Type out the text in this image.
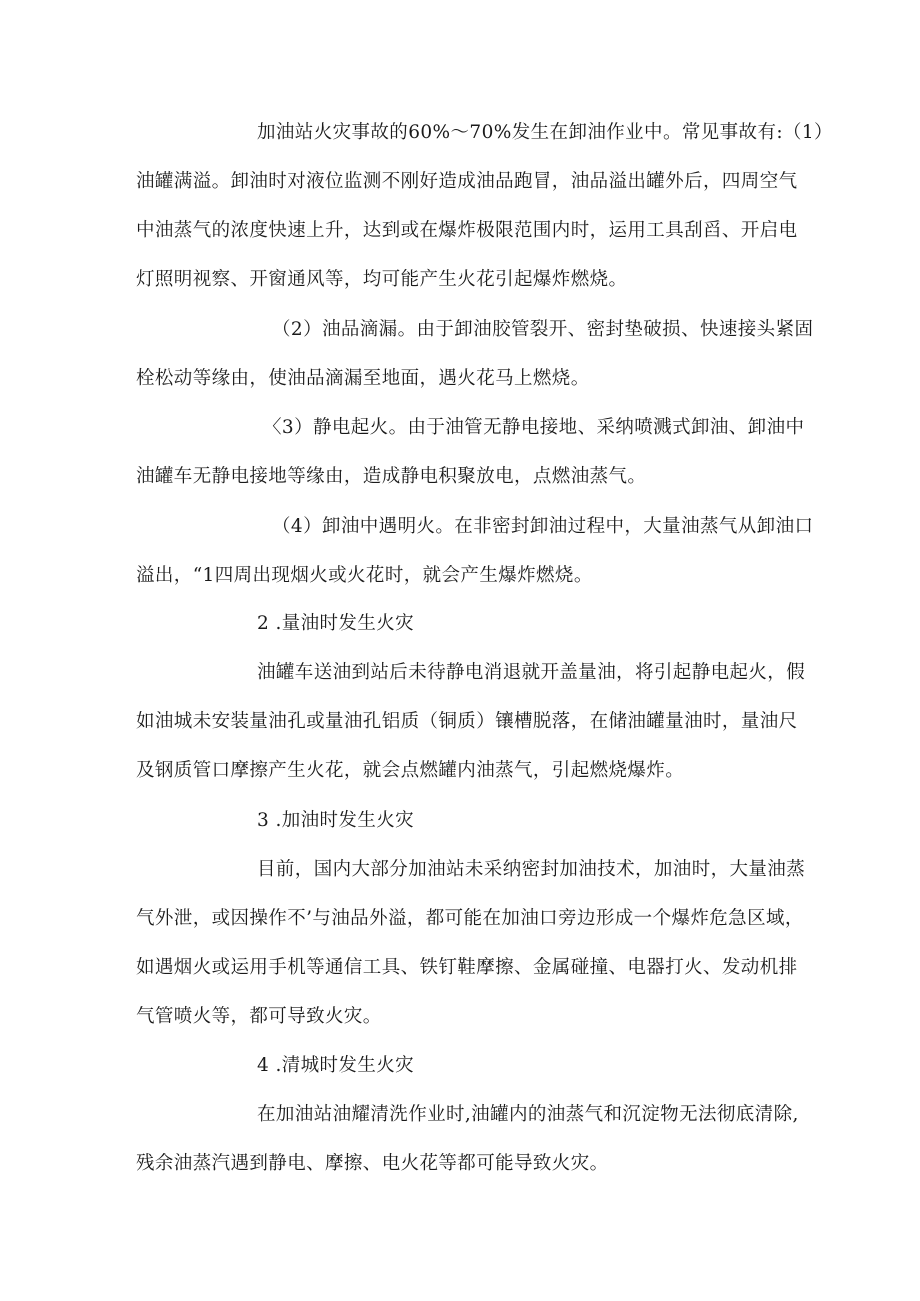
加油站火灾事故的60%～70%发生在卸油作业中。常见事故有:（1）
油罐满溢。卸油时对液位监测不刚好造成油品跑冒，油品溢出罐外后，四周空气
中油蒸气的浓度快速上升，达到或在爆炸极限范围内时，运用工具刮舀、开启电
灯照明视察、开窗通风等，均可能产生火花引起爆炸燃烧。
（2）油品滴漏。由于卸油胶管裂开、密封垫破损、快速接头紧固
栓松动等缘由，使油品滴漏至地面，遇火花马上燃烧。
〈3）静电起火。由于油管无静电接地、采纳喷溅式卸油、卸油中
油罐车无静电接地等缘由，造成静电积聚放电，点燃油蒸气。
（4）卸油中遇明火。在非密封卸油过程中，大量油蒸气从卸油口
溢出，“1四周出现烟火或火花时，就会产生爆炸燃烧。
2 .量油时发生火灾
油罐车送油到站后未待静电消退就开盖量油，将引起静电起火，假
如油城未安装量油孔或量油孔铝质（铜质）镶槽脱落，在储油罐量油时，量油尺
及钢质管口摩擦产生火花，就会点燃罐内油蒸气，引起燃烧爆炸。
3 .加油时发生火灾
目前，国内大部分加油站未采纳密封加油技术，加油时，大量油蒸
气外泄，或因操作不’与油品外溢，都可能在加油口旁边形成一个爆炸危急区域，
如遇烟火或运用手机等通信工具、铁钉鞋摩擦、金属碰撞、电器打火、发动机排
气管喷火等，都可导致火灾。
4 .清城时发生火灾
在加油站油耀清洗作业时,油罐内的油蒸气和沉淀物无法彻底清除,
残余油蒸汽遇到静电、摩擦、电火花等都可能导致火灾。
